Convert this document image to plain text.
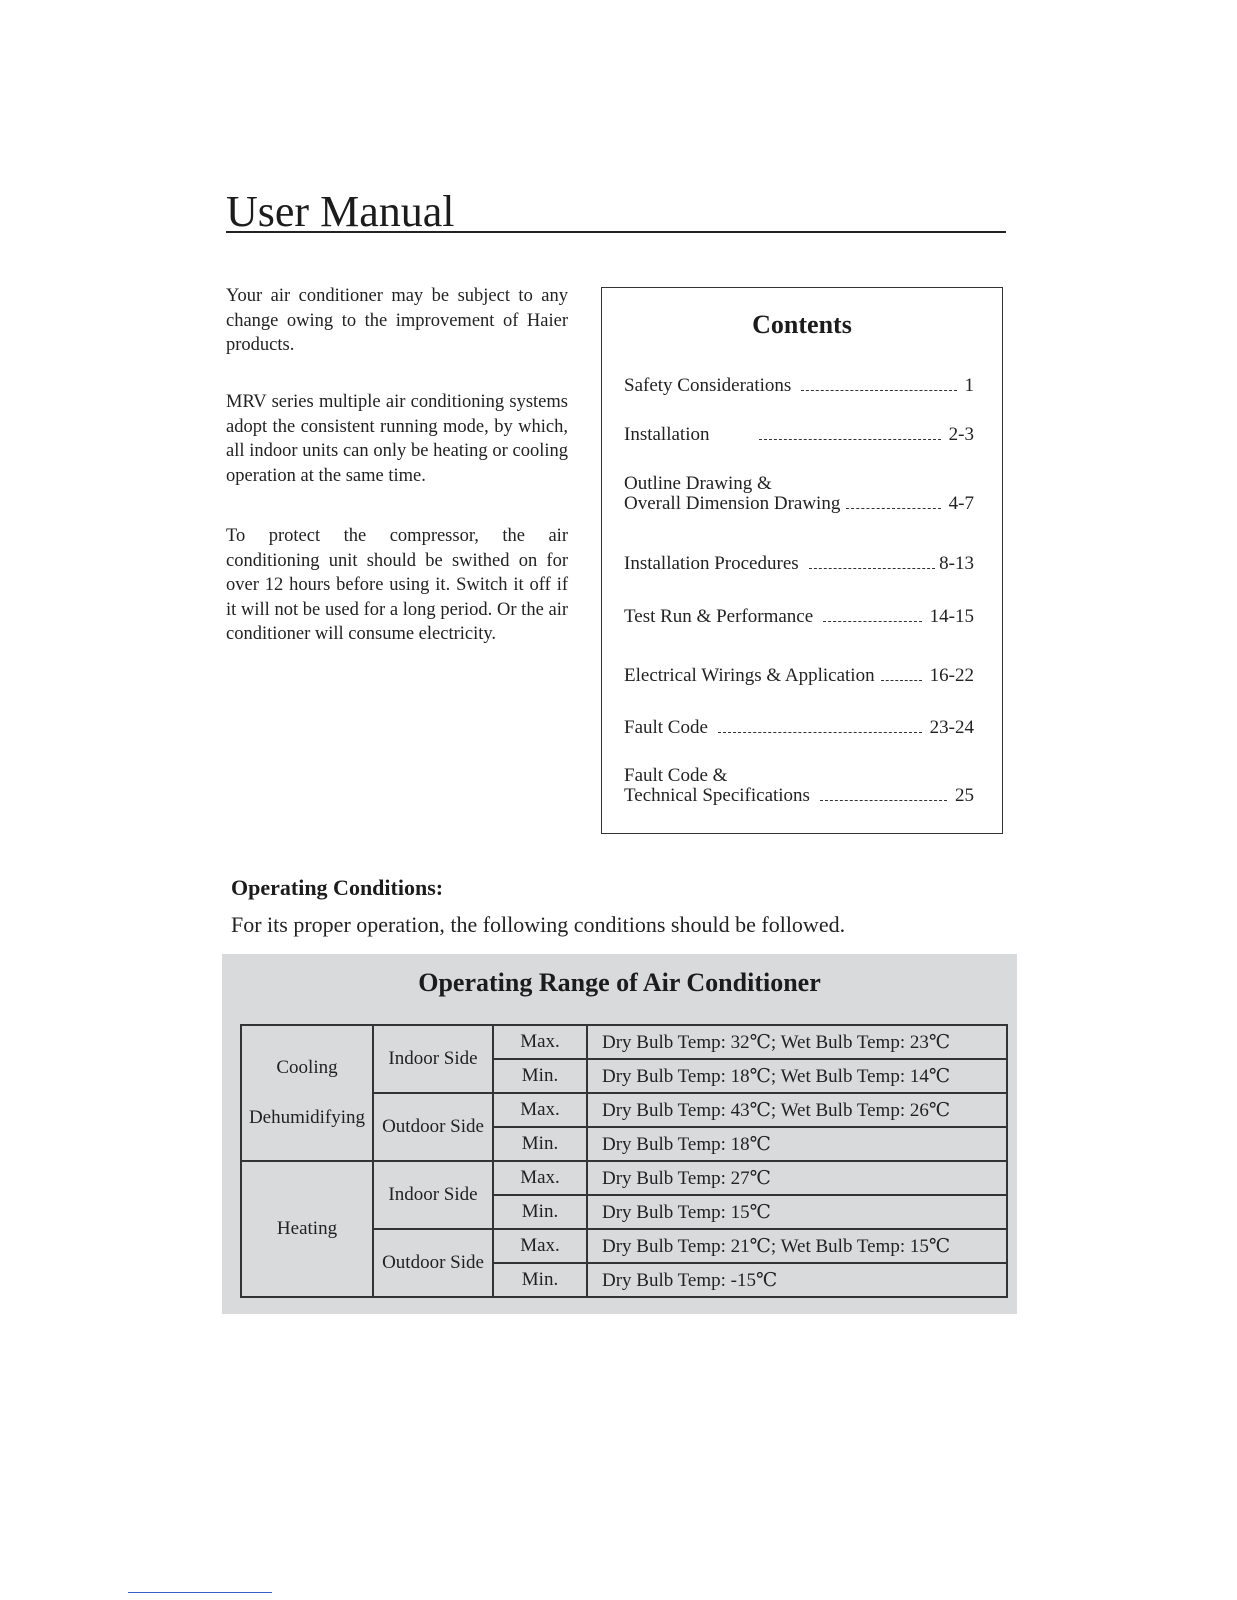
User Manual

Your air conditioner may be subject to any change owing to the improvement of Haier products.

MRV series multiple air conditioning systems adopt the consistent running mode, by which, all indoor units can only be heating or cooling operation at the same time.

To protect the compressor, the air conditioning unit should be swithed on for over 12 hours before using it. Switch it off if it will not be used for a long period. Or the air conditioner will consume electricity.

Contents
Safety Considerations	1
Installation	2-3
Outline Drawing &
Overall Dimension Drawing	4-7
Installation Procedures	8-13
Test Run & Performance	14-15
Electrical Wirings & Application	16-22
Fault Code	23-24
Fault Code &
Technical Specifications	25
Operating Conditions:
For its proper operation, the following conditions should be followed.
Operating Range of Air Conditioner
Cooling
Dehumidifying	Indoor Side	Max.	Dry Bulb Temp: 32℃; Wet Bulb Temp: 23℃
		Min.	Dry Bulb Temp: 18℃; Wet Bulb Temp: 14℃
	Outdoor Side	Max.	Dry Bulb Temp: 43℃; Wet Bulb Temp: 26℃
		Min.	Dry Bulb Temp: 18℃
Heating	Indoor Side	Max.	Dry Bulb Temp: 27℃
		Min.	Dry Bulb Temp: 15℃
	Outdoor Side	Max.	Dry Bulb Temp: 21℃; Wet Bulb Temp: 15℃
		Min.	Dry Bulb Temp: -15℃
